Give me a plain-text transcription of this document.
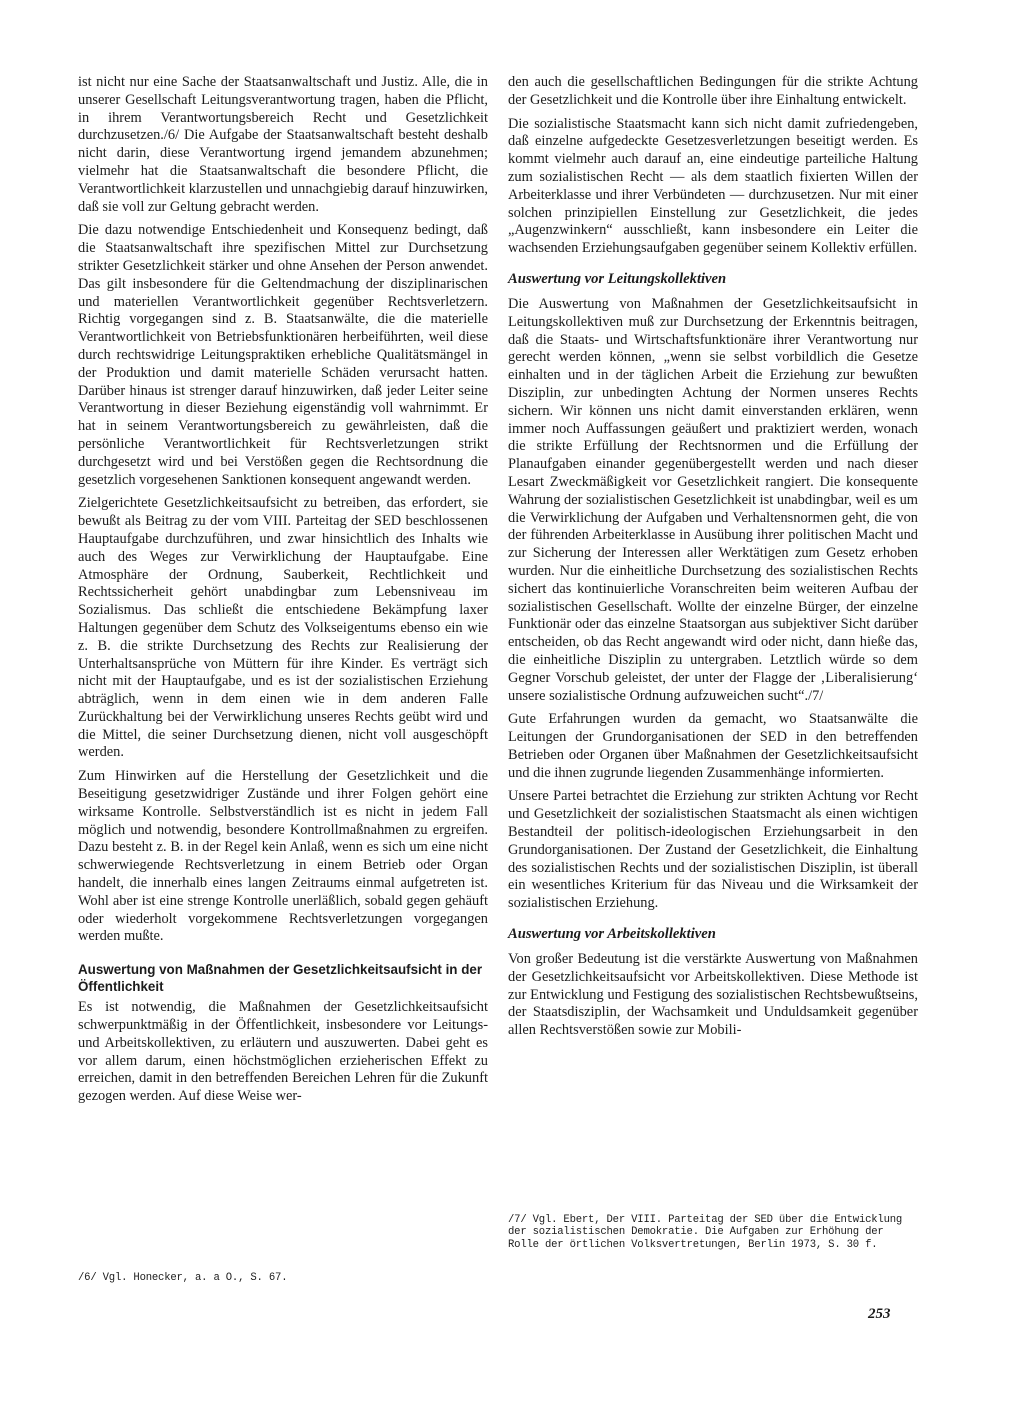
ist nicht nur eine Sache der Staatsanwaltschaft und Justiz. Alle, die in unserer Gesellschaft Leitungsverantwortung tragen, haben die Pflicht, in ihrem Verantwortungsbereich Recht und Gesetzlichkeit durchzusetzen./6/ Die Aufgabe der Staatsanwaltschaft besteht deshalb nicht darin, diese Verantwortung irgend jemandem abzunehmen; vielmehr hat die Staatsanwaltschaft die besondere Pflicht, die Verantwortlichkeit klarzustellen und unnachgiebig darauf hinzuwirken, daß sie voll zur Geltung gebracht werden.

Die dazu notwendige Entschiedenheit und Konsequenz bedingt, daß die Staatsanwaltschaft ihre spezifischen Mittel zur Durchsetzung strikter Gesetzlichkeit stärker und ohne Ansehen der Person anwendet. Das gilt insbesondere für die Geltendmachung der disziplinarischen und materiellen Verantwortlichkeit gegenüber Rechtsverletzern. Richtig vorgegangen sind z. B. Staatsanwälte, die die materielle Verantwortlichkeit von Betriebsfunktionären herbeiführten, weil diese durch rechtswidrige Leitungspraktiken erhebliche Qualitätsmängel in der Produktion und damit materielle Schäden verursacht hatten. Darüber hinaus ist strenger darauf hinzuwirken, daß jeder Leiter seine Verantwortung in dieser Beziehung eigenständig voll wahrnimmt. Er hat in seinem Verantwortungsbereich zu gewährleisten, daß die persönliche Verantwortlichkeit für Rechtsverletzungen strikt durchgesetzt wird und bei Verstößen gegen die Rechtsordnung die gesetzlich vorgesehenen Sanktionen konsequent angewandt werden.

Zielgerichtete Gesetzlichkeitsaufsicht zu betreiben, das erfordert, sie bewußt als Beitrag zu der vom VIII. Parteitag der SED beschlossenen Hauptaufgabe durchzuführen, und zwar hinsichtlich des Inhalts wie auch des Weges zur Verwirklichung der Hauptaufgabe. Eine Atmosphäre der Ordnung, Sauberkeit, Rechtlichkeit und Rechtssicherheit gehört unabdingbar zum Lebensniveau im Sozialismus. Das schließt die entschiedene Bekämpfung laxer Haltungen gegenüber dem Schutz des Volkseigentums ebenso ein wie z. B. die strikte Durchsetzung des Rechts zur Realisierung der Unterhaltsansprüche von Müttern für ihre Kinder. Es verträgt sich nicht mit der Hauptaufgabe, und es ist der sozialistischen Erziehung abträglich, wenn in dem einen wie in dem anderen Falle Zurückhaltung bei der Verwirklichung unseres Rechts geübt wird und die Mittel, die seiner Durchsetzung dienen, nicht voll ausgeschöpft werden.

Zum Hinwirken auf die Herstellung der Gesetzlichkeit und die Beseitigung gesetzwidriger Zustände und ihrer Folgen gehört eine wirksame Kontrolle. Selbstverständlich ist es nicht in jedem Fall möglich und notwendig, besondere Kontrollmaßnahmen zu ergreifen. Dazu besteht z. B. in der Regel kein Anlaß, wenn es sich um eine nicht schwerwiegende Rechtsverletzung in einem Betrieb oder Organ handelt, die innerhalb eines langen Zeitraums einmal aufgetreten ist. Wohl aber ist eine strenge Kontrolle unerläßlich, sobald gegen gehäuft oder wiederholt vorgekommene Rechtsverletzungen vorgegangen werden mußte.

Auswertung von Maßnahmen der Gesetzlichkeitsaufsicht in der Öffentlichkeit

Es ist notwendig, die Maßnahmen der Gesetzlichkeitsaufsicht schwerpunktmäßig in der Öffentlichkeit, insbesondere vor Leitungs- und Arbeitskollektiven, zu erläutern und auszuwerten. Dabei geht es vor allem darum, einen höchstmöglichen erzieherischen Effekt zu erreichen, damit in den betreffenden Bereichen Lehren für die Zukunft gezogen werden. Auf diese Weise wer-

/6/ Vgl. Honecker, a. a O., S. 67.

den auch die gesellschaftlichen Bedingungen für die strikte Achtung der Gesetzlichkeit und die Kontrolle über ihre Einhaltung entwickelt.

Die sozialistische Staatsmacht kann sich nicht damit zufriedengeben, daß einzelne aufgedeckte Gesetzesverletzungen beseitigt werden. Es kommt vielmehr auch darauf an, eine eindeutige parteiliche Haltung zum sozialistischen Recht — als dem staatlich fixierten Willen der Arbeiterklasse und ihrer Verbündeten — durchzusetzen. Nur mit einer solchen prinzipiellen Einstellung zur Gesetzlichkeit, die jedes „Augenzwinkern“ ausschließt, kann insbesondere ein Leiter die wachsenden Erziehungsaufgaben gegenüber seinem Kollektiv erfüllen.

Auswertung vor Leitungskollektiven

Die Auswertung von Maßnahmen der Gesetzlichkeitsaufsicht in Leitungskollektiven muß zur Durchsetzung der Erkenntnis beitragen, daß die Staats- und Wirtschaftsfunktionäre ihrer Verantwortung nur gerecht werden können, „wenn sie selbst vorbildlich die Gesetze einhalten und in der täglichen Arbeit die Erziehung zur bewußten Disziplin, zur unbedingten Achtung der Normen unseres Rechts sichern. Wir können uns nicht damit einverstanden erklären, wenn immer noch Auffassungen geäußert und praktiziert werden, wonach die strikte Erfüllung der Rechtsnormen und die Erfüllung der Planaufgaben einander gegenübergestellt werden und nach dieser Lesart Zweckmäßigkeit vor Gesetzlichkeit rangiert. Die konsequente Wahrung der sozialistischen Gesetzlichkeit ist unabdingbar, weil es um die Verwirklichung der Aufgaben und Verhaltensnormen geht, die von der führenden Arbeiterklasse in Ausübung ihrer politischen Macht und zur Sicherung der Interessen aller Werktätigen zum Gesetz erhoben wurden. Nur die einheitliche Durchsetzung des sozialistischen Rechts sichert das kontinuierliche Voranschreiten beim weiteren Aufbau der sozialistischen Gesellschaft. Wollte der einzelne Bürger, der einzelne Funktionär oder das einzelne Staatsorgan aus subjektiver Sicht darüber entscheiden, ob das Recht angewandt wird oder nicht, dann hieße das, die einheitliche Disziplin zu untergraben. Letztlich würde so dem Gegner Vorschub geleistet, der unter der Flagge der ‚Liberalisierung‘ unsere sozialistische Ordnung aufzuweichen sucht“./7/

Gute Erfahrungen wurden da gemacht, wo Staatsanwälte die Leitungen der Grundorganisationen der SED in den betreffenden Betrieben oder Organen über Maßnahmen der Gesetzlichkeitsaufsicht und die ihnen zugrunde liegenden Zusammenhänge informierten.

Unsere Partei betrachtet die Erziehung zur strikten Achtung vor Recht und Gesetzlichkeit der sozialistischen Staatsmacht als einen wichtigen Bestandteil der politisch-ideologischen Erziehungsarbeit in den Grundorganisationen. Der Zustand der Gesetzlichkeit, die Einhaltung des sozialistischen Rechts und der sozialistischen Disziplin, ist überall ein wesentliches Kriterium für das Niveau und die Wirksamkeit der sozialistischen Erziehung.

Auswertung vor Arbeitskollektiven

Von großer Bedeutung ist die verstärkte Auswertung von Maßnahmen der Gesetzlichkeitsaufsicht vor Arbeitskollektiven. Diese Methode ist zur Entwicklung und Festigung des sozialistischen Rechtsbewußtseins, der Staatsdisziplin, der Wachsamkeit und Unduldsamkeit gegenüber allen Rechtsverstößen sowie zur Mobili-

/7/ Vgl. Ebert, Der VIII. Parteitag der SED über die Entwicklung der sozialistischen Demokratie. Die Aufgaben zur Erhöhung der Rolle der örtlichen Volksvertretungen, Berlin 1973, S. 30 f.

253
